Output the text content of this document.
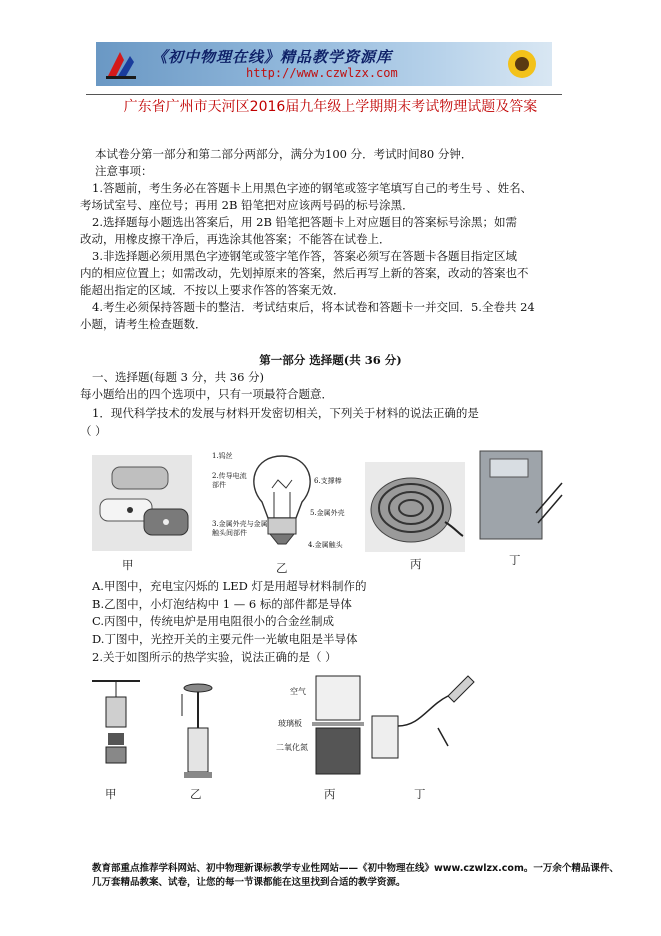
《初中物理在线》精品教学资源库
http://www.czwlzx.com
广东省广州市天河区2016届九年级上学期期末考试物理试题及答案
本试卷分第一部分和第二部分两部分，满分为100 分．考试时间80 分钟．
注意事项：
1.答题前，考生务必在答题卡上用黑色字迹的钢笔或签字笔填写自己的考生号 、姓名、
考场试室号、座位号；再用 2B 铅笔把对应该两号码的标号涂黑．
2.选择题每小题选出答案后，用 2B 铅笔把答题卡上对应题目的答案标号涂黑；如需
改动，用橡皮擦干净后，再选涂其他答案；不能答在试卷上．
3.非选择题必须用黑色字迹钢笔或签字笔作答，答案必须写在答题卡各题目指定区域
内的相应位置上；如需改动，先划掉原来的答案，然后再写上新的答案，改动的答案也不
能超出指定的区域．不按以上要求作答的答案无效．
4.考生必须保持答题卡的整洁．考试结束后，将本试卷和答题卡一并交回．5.全卷共 24
小题，请考生检查题数．
第一部分 选择题(共 36 分)
一、选择题(每题 3 分，共 36 分)
每小题给出的四个选项中，只有一项最符合题意．
1．现代科学技术的发展与材料开发密切相关，下列关于材料的说法正确的是
（ ）
甲
1.钨丝
2.传导电流部件	6.支撑棒
5.金属外壳
3.金属外壳与金属触头间部件
4.金属触头
乙	丙	丁
A.甲图中，充电宝闪烁的 LED 灯是用超导材料制作的
B.乙图中，小灯泡结构中 1 — 6 标的部件都是导体
C.丙图中，传统电炉是用电阻很小的合金丝制成
D.丁图中，光控开关的主要元件一光敏电阻是半导体
2.关于如图所示的热学实验，说法正确的是（ ）
甲	乙
空气
玻璃板
二氧化氮
丙	丁
教育部重点推荐学科网站、初中物理新课标教学专业性网站——《初中物理在线》www.czwlzx.com。一万余个精品课件、
几万套精品教案、试卷，让您的每一节课都能在这里找到合适的教学资源。
